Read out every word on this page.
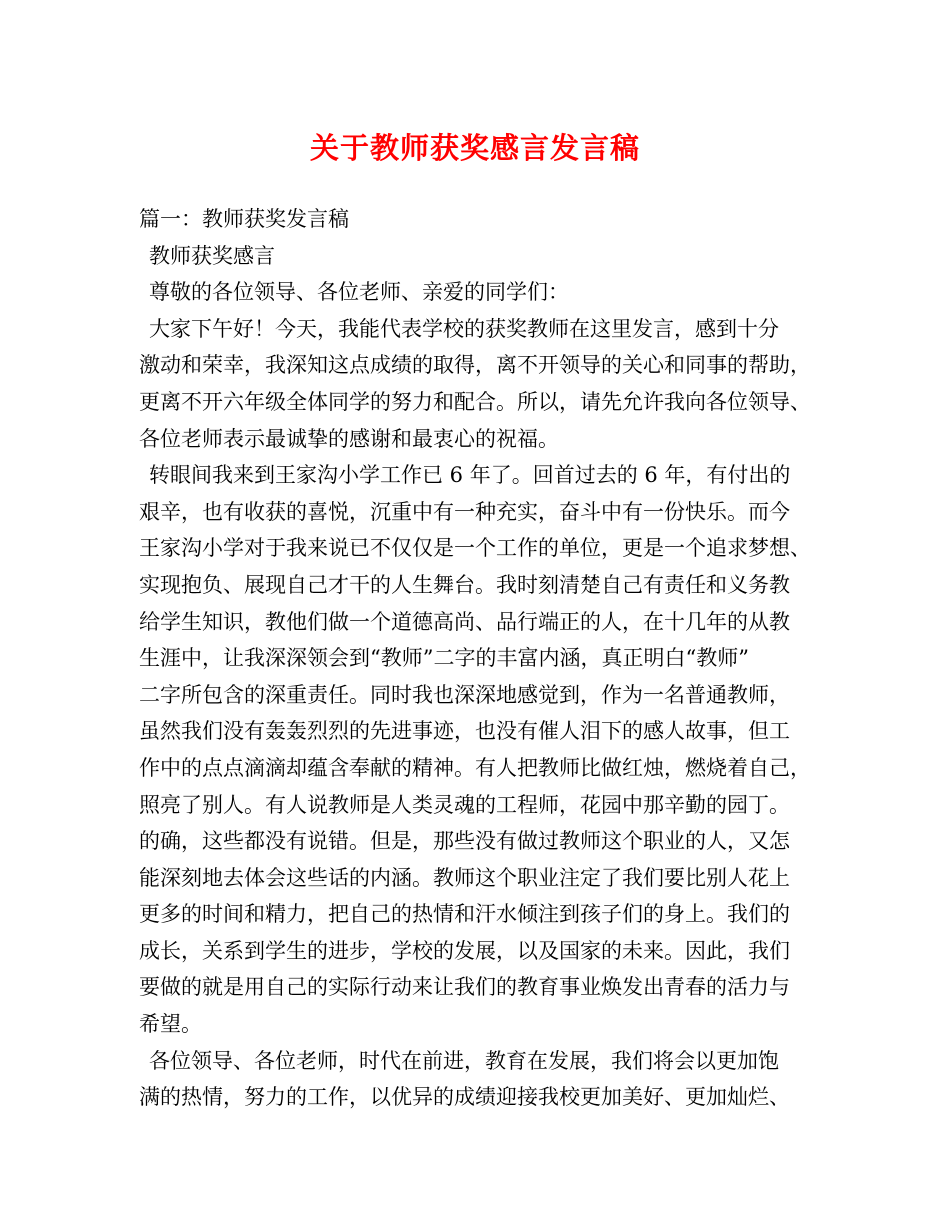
关于教师获奖感言发言稿
篇一：教师获奖发言稿
教师获奖感言
尊敬的各位领导、各位老师、亲爱的同学们：
大家下午好！今天，我能代表学校的获奖教师在这里发言，感到十分
激动和荣幸，我深知这点成绩的取得，离不开领导的关心和同事的帮助，
更离不开六年级全体同学的努力和配合。所以，请先允许我向各位领导、
各位老师表示最诚挚的感谢和最衷心的祝福。
转眼间我来到王家沟小学工作已 6 年了。回首过去的 6 年，有付出的
艰辛，也有收获的喜悦，沉重中有一种充实，奋斗中有一份快乐。而今
王家沟小学对于我来说已不仅仅是一个工作的单位，更是一个追求梦想、
实现抱负、展现自己才干的人生舞台。我时刻清楚自己有责任和义务教
给学生知识，教他们做一个道德高尚、品行端正的人，在十几年的从教
生涯中，让我深深领会到“教师”二字的丰富内涵，真正明白“教师”
二字所包含的深重责任。同时我也深深地感觉到，作为一名普通教师，
虽然我们没有轰轰烈烈的先进事迹，也没有催人泪下的感人故事，但工
作中的点点滴滴却蕴含奉献的精神。有人把教师比做红烛，燃烧着自己，
照亮了别人。有人说教师是人类灵魂的工程师，花园中那辛勤的园丁。
的确，这些都没有说错。但是，那些没有做过教师这个职业的人，又怎
能深刻地去体会这些话的内涵。教师这个职业注定了我们要比别人花上
更多的时间和精力，把自己的热情和汗水倾注到孩子们的身上。我们的
成长，关系到学生的进步，学校的发展，以及国家的未来。因此，我们
要做的就是用自己的实际行动来让我们的教育事业焕发出青春的活力与
希望。
各位领导、各位老师，时代在前进，教育在发展，我们将会以更加饱
满的热情，努力的工作，以优异的成绩迎接我校更加美好、更加灿烂、
